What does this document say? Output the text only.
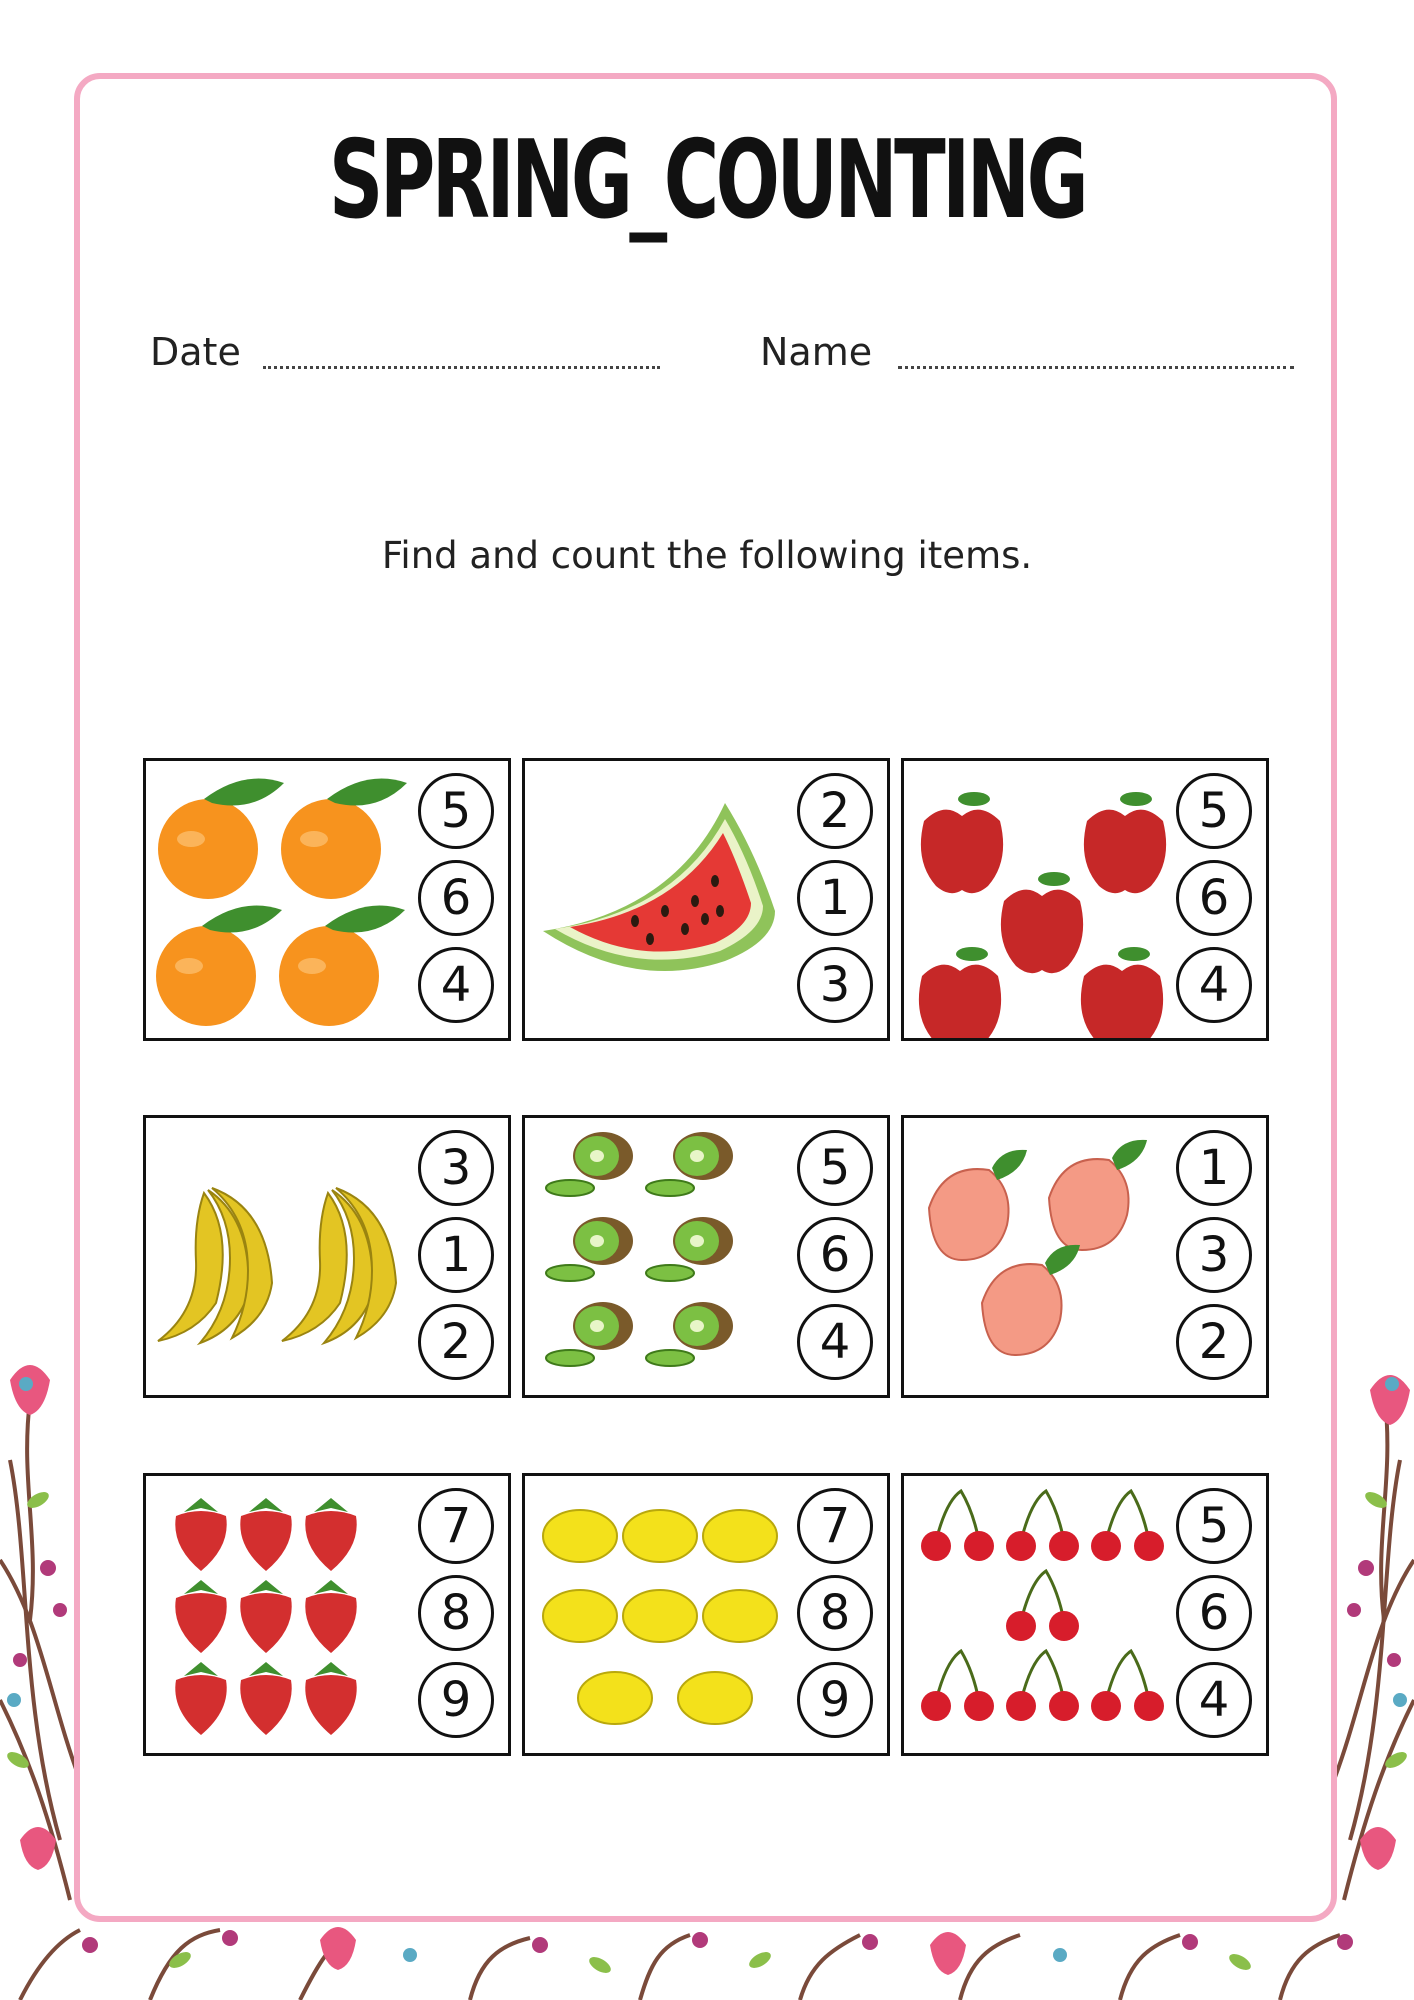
SPRING_COUNTING
Date	Name
Find and count the following items.
5
6
4
2
1
3
5
6
4
3
1
2
5
6
4
1
3
2
7
8
9
7
8
9
5
6
4
